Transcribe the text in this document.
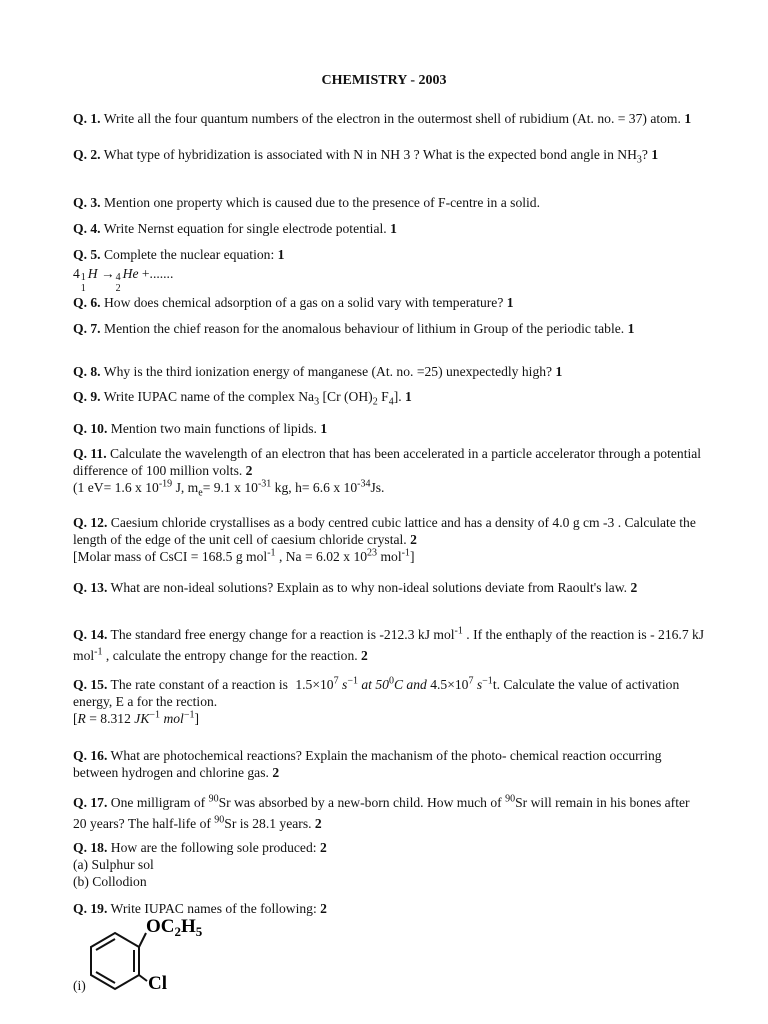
CHEMISTRY - 2003
Q. 1. Write all the four quantum numbers of the electron in the outermost shell of rubidium (At. no. = 37) atom. 1
Q. 2. What type of hybridization is associated with N in NH 3 ? What is the expected bond angle in $NH_3$? 1
Q. 3. Mention one property which is caused due to the presence of F-centre in a solid.
Q. 4. Write Nernst equation for single electrode potential. 1
Q. 5. Complete the nuclear equation: 1
4 1
1
H → 4
2
He +.......
Q. 6. How does chemical adsorption of a gas on a solid vary with temperature? 1
Q. 7. Mention the chief reason for the anomalous behaviour of lithium in Group of the periodic table. 1
Q. 8. Why is the third ionization energy of manganese (At. no. =25) unexpectedly high? 1
Q. 9. Write IUPAC name of the complex $Na_3$ [Cr $(OH)_2$ $F_4$]. 1
Q. 10. Mention two main functions of lipids. 1
Q. 11. Calculate the wavelength of an electron that has been accelerated in a particle accelerator through a potential difference of 100 million volts. 2
(1 eV= 1.6 x $10^{-19}$ J, $m_e= 9.1$ x $10^{-31}$ kg, h= 6.6 x $10^{-34}Js$.
Q. 12. Caesium chloride crystallises as a body centred cubic lattice and has a density of 4.0 g cm -3 . Calculate the length of the edge of the unit cell of caesium chloride crystal. 2
[Molar mass of CsCI = 168.5 g mol$^{-1}$ , Na = 6.02 x $10^{23}$ mol$^{-1}$]
Q. 13. What are non-ideal solutions? Explain as to why non-ideal solutions deviate from Raoult's law. 2
Q. 14. The standard free energy change for a reaction is -212.3 kJ mol$^{-1}$ . If the enthaply of the reaction is - 216.7 kJ mol$^{-1}$ , calculate the entropy change for the reaction. 2
Q. 15. The rate constant of a reaction is $1.5\times 10^7$ $s^{-1}$ at $50^0C$ and $4.5\times 10^7$ $s^{-1}t$. Calculate the value of activation energy, E a for the rection.
[R = 8.312 $JK^{-1}$ mol$^{-1}$]
Q. 16. What are photochemical reactions? Explain the machanism of the photo- chemical reaction occurring between hydrogen and chlorine gas. 2
Q. 17. One milligram of $^{90}$Sr was absorbed by a new-born child. How much of $^{90}$Sr will remain in his bones after 20 years? The half-life of $^{90}$Sr is 28.1 years. 2
Q. 18. How are the following sole produced: 2
(a) Sulphur sol
(b) Collodion
Q. 19. Write IUPAC names of the following: 2
(i)
$OC_2H_5$
Cl
